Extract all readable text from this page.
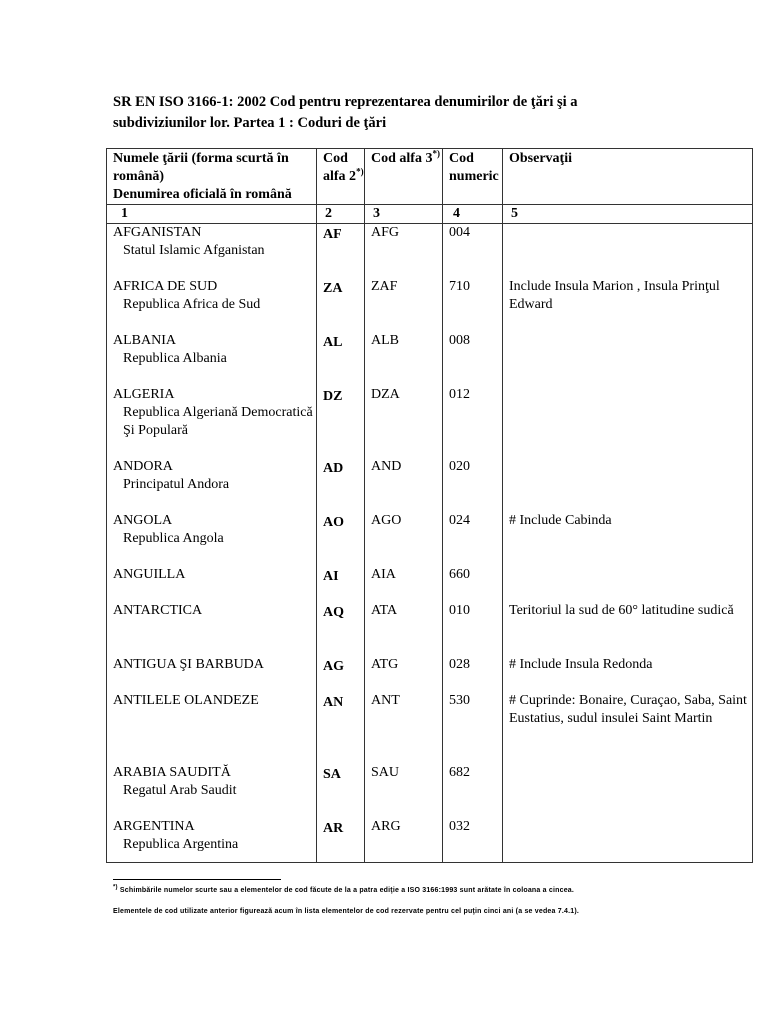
SR EN ISO 3166-1: 2002 Cod pentru reprezentarea denumirilor de ţări şi a subdiviziunilor lor. Partea 1 : Coduri de ţări
Numele ţării (forma scurtă în română)
Denumirea oficială în română	Cod alfa 2*)	Cod alfa 3*)	Cod numeric	Observaţii
1	2	3	4	5

AFGANISTAN
Statul Islamic Afganistan	AF	AFG	004	

AFRICA DE SUD
Republica Africa de Sud	ZA	ZAF	710	Include Insula Marion , Insula Prinţul Edward

ALBANIA
Republica Albania	AL	ALB	008	

ALGERIA
Republica Algeriană Democratică Şi Populară	DZ	DZA	012	

ANDORA
Principatul Andora	AD	AND	020	

ANGOLA
Republica Angola	AO	AGO	024	# Include Cabinda

ANGUILLA	AI	AIA	660	

ANTARCTICA	AQ	ATA	010	Teritoriul la sud de 60° latitudine sudică

ANTIGUA ŞI BARBUDA	AG	ATG	028	# Include Insula Redonda

ANTILELE OLANDEZE	AN	ANT	530	# Cuprinde: Bonaire, Curaçao, Saba, Saint Eustatius, sudul insulei Saint Martin

ARABIA SAUDITĂ
Regatul Arab Saudit	SA	SAU	682	

ARGENTINA
Republica Argentina	AR	ARG	032	
*) Schimbările numelor scurte sau a elementelor de cod făcute de la a patra ediţie a ISO 3166:1993 sunt arătate în coloana a cincea.
Elementele de cod utilizate anterior figurează acum în lista elementelor de cod rezervate pentru cel puţin cinci ani (a se vedea 7.4.1).
